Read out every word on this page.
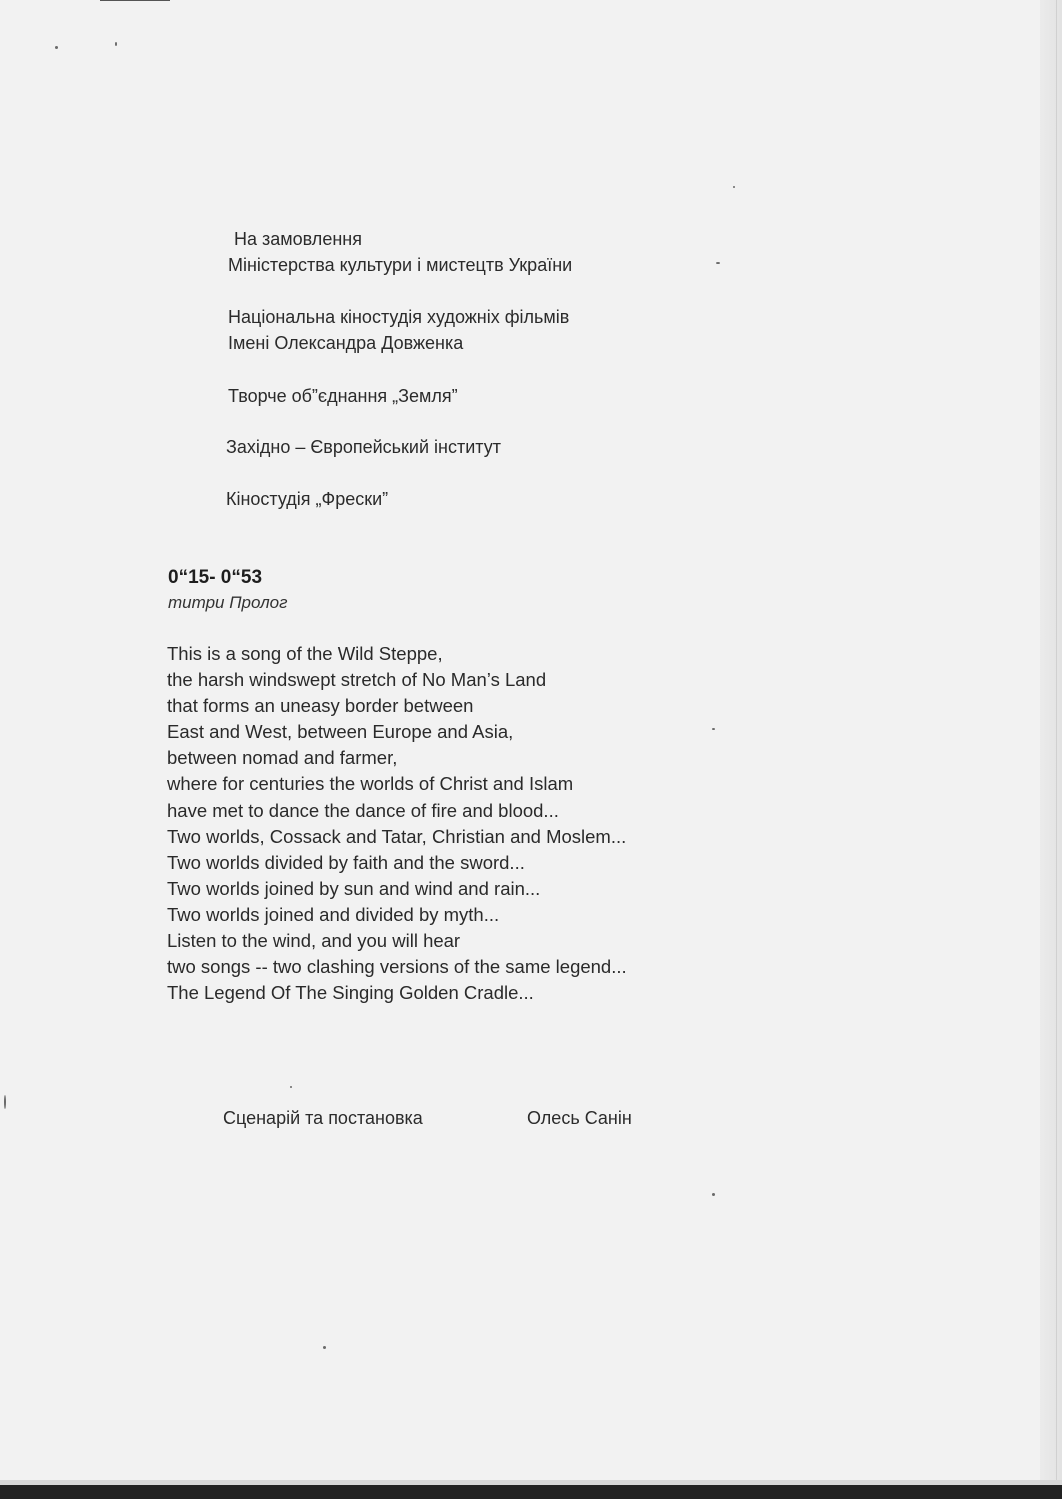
На замовлення
Міністерства культури і мистецтв України
Національна кіностудія художніх фільмів
Імені Олександра Довженка
Творче об”єднання „Земля”
Західно – Європейський інститут
Кіностудія „Фрески”
0“15- 0“53
титри Пролог
This is a song of the Wild Steppe,
the harsh windswept stretch of No Man’s Land
that forms an uneasy border between
East and West, between Europe and Asia,
between nomad and farmer,
where for centuries the worlds of Christ and Islam
have met to dance the dance of fire and blood...
Two worlds, Cossack and Tatar, Christian and Moslem...
Two worlds divided by faith and the sword...
Two worlds joined by sun and wind and rain...
Two worlds joined and divided by myth...
Listen to the wind, and you will hear
two songs -- two clashing versions of the same legend...
The Legend Of The Singing Golden Cradle...
Сценарій та постановка	Олесь Санін
